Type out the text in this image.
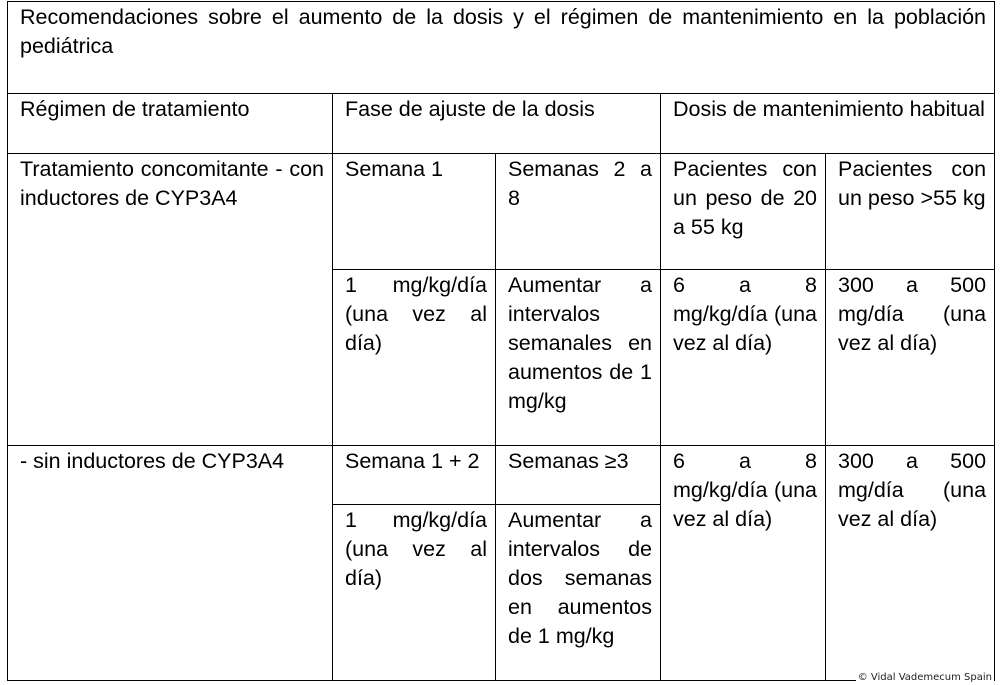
Recomendaciones sobre el aumento de la dosis y el régimen de mantenimiento en la población pediátrica				
Régimen de tratamiento	Fase de ajuste de la dosis		Dosis de mantenimiento habitual	
Tratamiento concomitante - con inductores de CYP3A4	Semana 1	Semanas 2 a 8	Pacientes con un peso de 20 a 55 kg	Pacientes con un peso >55 kg
	1 mg/kg/día (una vez al día)	Aumentar a intervalos semanales en aumentos de 1 mg/kg	6 a 8 mg/kg/día (una vez al día)	300 a 500 mg/día (una vez al día)
- sin inductores de CYP3A4	Semana 1 + 2	Semanas ≥3	6 a 8 mg/kg/día (una vez al día)	300 a 500 mg/día (una vez al día)
	1 mg/kg/día (una vez al día)	Aumentar a intervalos de dos semanas en aumentos de 1 mg/kg		
© Vidal Vademecum Spain
